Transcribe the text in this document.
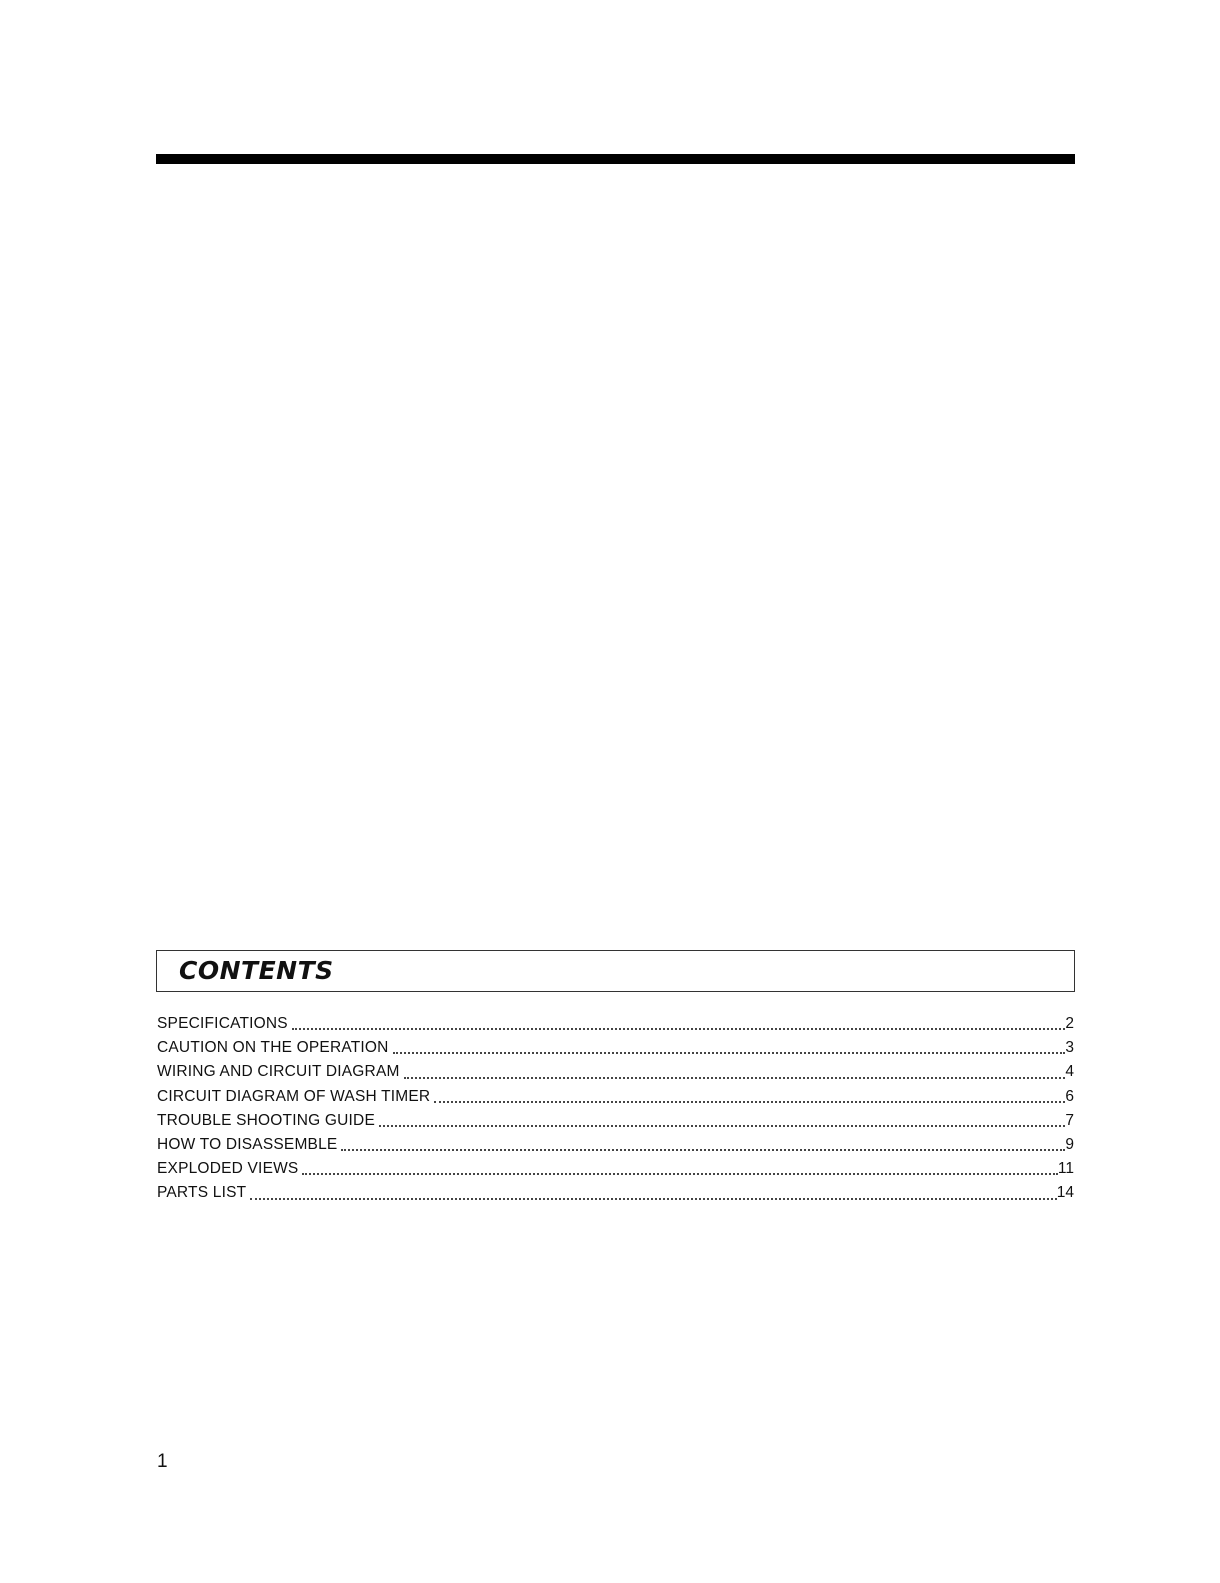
CONTENTS
SPECIFICATIONS	2
CAUTION ON THE OPERATION	3
WIRING AND CIRCUIT DIAGRAM	4
CIRCUIT DIAGRAM OF WASH TIMER	6
TROUBLE SHOOTING GUIDE	7
HOW TO DISASSEMBLE	9
EXPLODED VIEWS	11
PARTS LIST	14
1
